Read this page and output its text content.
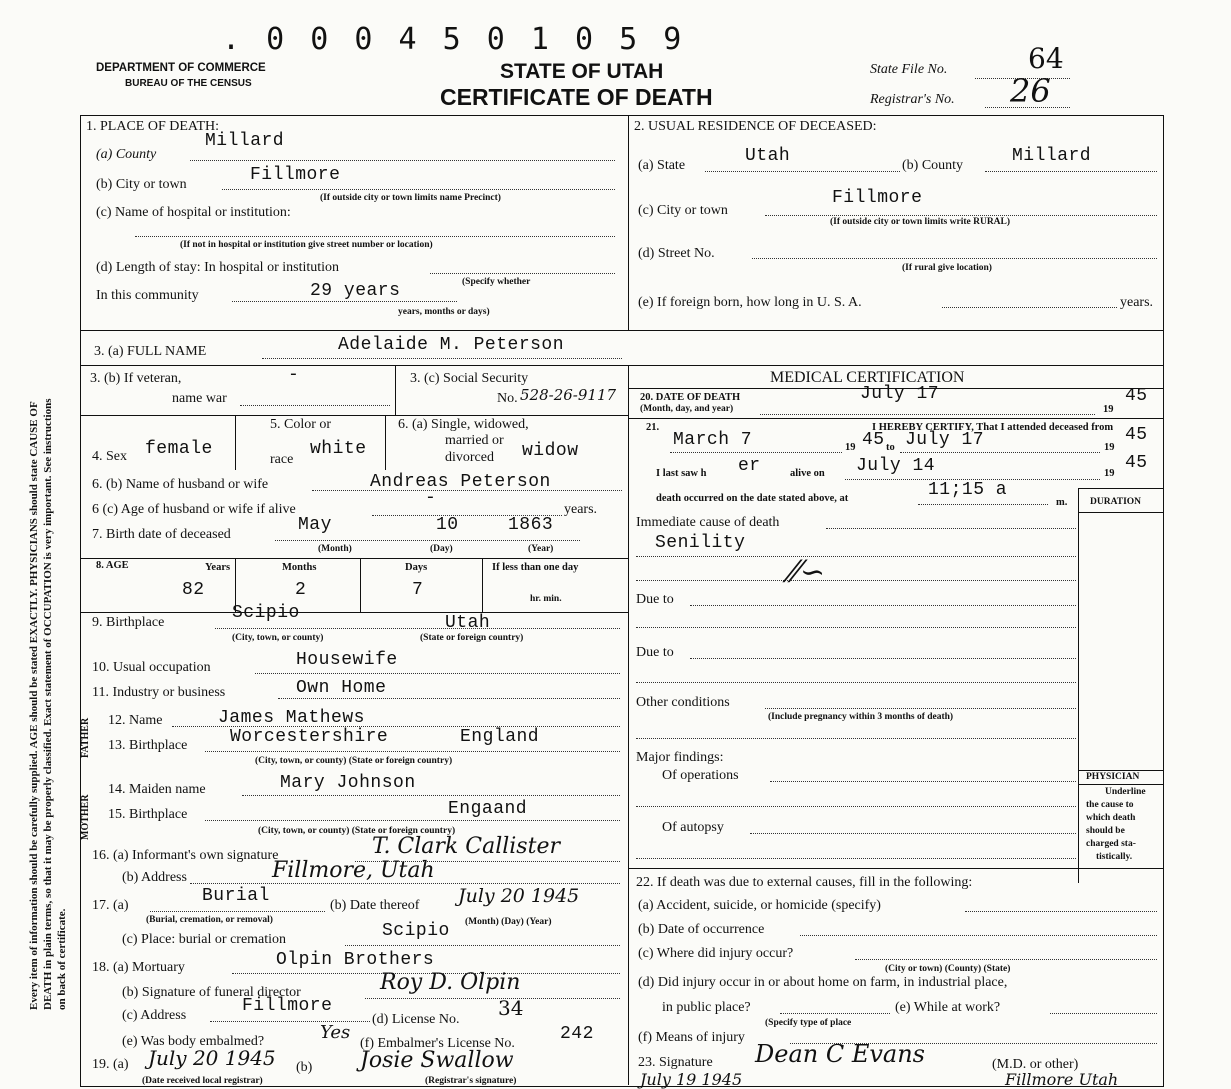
. 0 0 0 4 5 0 1 0 5 9
Every item of information should be carefully supplied. AGE should be stated EXACTLY. PHYSICIANS should state CAUSE OF DEATH in plain terms, so that it may be properly classified. Exact statement of OCCUPATION is very important. See instructions on back of certificate.
DEPARTMENT OF COMMERCE
BUREAU OF THE CENSUS
STATE OF UTAH
CERTIFICATE OF DEATH
State File No.	64
Registrar's No. 26
1. PLACE OF DEATH:
(a) County
Millard
(b) City or town	Fillmore
(If outside city or town limits name Precinct)
(c) Name of hospital or institution:
(If not in hospital or institution give street number or location)
(d) Length of stay: In hospital or institution
(Specify whether
In this community	29 years
years, months or days)
2. USUAL RESIDENCE OF DECEASED:
(a) State	Utah	(b) County	Millard
(c) City or town
Fillmore
(If outside city or town limits write RURAL)
(d) Street No.
(If rural give location)
(e) If foreign born, how long in U. S. A.	years.
3. (a) FULL NAME	Adelaide M. Peterson
3. (b) If veteran,
name war
-	3. (c) Social Security
No. 528-26-9117
4. Sex female
5. Color or
race
white
6. (a) Single, widowed,
married or
divorced widow
6. (b) Name of husband or wife	Andreas Peterson
6 (c) Age of husband or wife if alive
-
years.
7. Birth date of deceased	May	10	1863
(Month)	(Day)	(Year)
8. AGE	Years	Months	Days	If less than one day
82	2	7	hr. min.
9. Birthplace	Scipio	Utah
(City, town, or county)	(State or foreign country)
10. Usual occupation	Housewife
11. Industry or business	Own Home
FATHER
MOTHER
12. Name	James Mathews
13. Birthplace Worcestershire	England
(City, town, or county) (State or foreign country)
14. Maiden name	Mary Johnson
15. Birthplace	Engaand
(City, town, or county) (State or foreign country)
16. (a) Informant's own signature	T. Clark Callister
(b) Address	Fillmore, Utah
17. (a)	Burial
(Burial, cremation, or removal)
(b) Date thereof July 20 1945
(Month) (Day) (Year)
(c) Place: burial or cremation	Scipio
18. (a) Mortuary	Olpin Brothers
(b) Signature of funeral director	Roy D. Olpin
(c) Address	Fillmore
(d) License No. 34
(e) Was body embalmed?	Yes
(f) Embalmer's License No.	242
19. (a) July 20 1945 (b) Josie Swallow
(Date received local registrar)	(Registrar's signature)
MEDICAL CERTIFICATION
20. DATE OF DEATH
(Month, day, and year)
July 17
19
45
21.	I HEREBY CERTIFY, That I attended deceased from
March 7	19 45 to July 17	19
45
I last saw h er	alive on July 14	19
45
death occurred on the date stated above, at	11;15 a
m. DURATION
Immediate cause of death
Senility
⁄⁄∽
Due to
Due to
Other conditions
(Include pregnancy within 3 months of death)
Major findings:
Of operations
Of autopsy
PHYSICIAN
Underline
the cause to
which death
should be
charged sta-
tistically.
22. If death was due to external causes, fill in the following:
(a) Accident, suicide, or homicide (specify)
(b) Date of occurrence
(c) Where did injury occur?
(City or town) (County) (State)
(d) Did injury occur in or about home on farm, in industrial place,
in public place?
(Specify type of place
(e) While at work?
(f) Means of injury
23. Signature Dean C Evans	(M.D. or other)
July 19 1945	Fillmore Utah
